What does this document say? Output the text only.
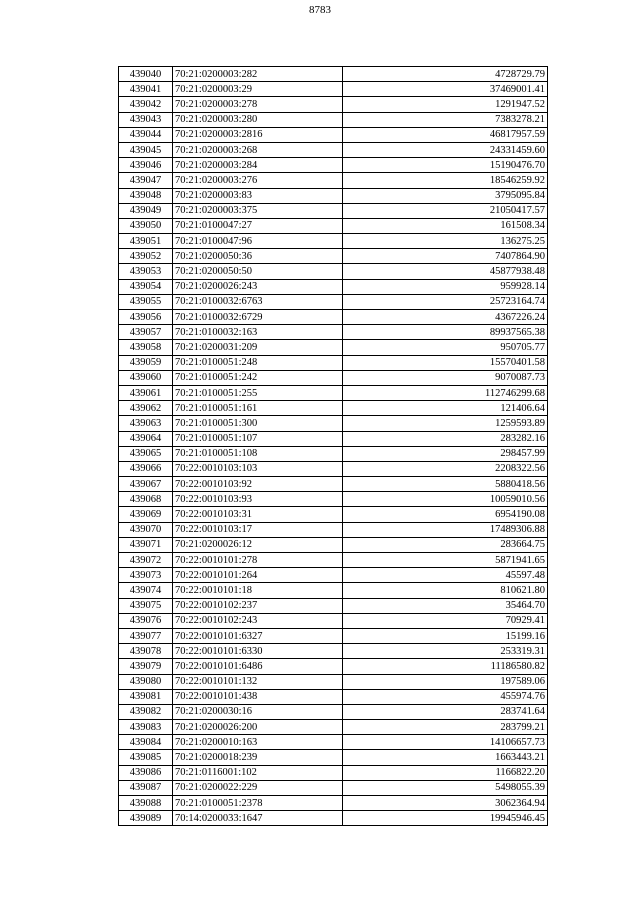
8783
439040	70:21:0200003:282	4728729.79
439041	70:21:0200003:29	37469001.41
439042	70:21:0200003:278	1291947.52
439043	70:21:0200003:280	7383278.21
439044	70:21:0200003:2816	46817957.59
439045	70:21:0200003:268	24331459.60
439046	70:21:0200003:284	15190476.70
439047	70:21:0200003:276	18546259.92
439048	70:21:0200003:83	3795095.84
439049	70:21:0200003:375	21050417.57
439050	70:21:0100047:27	161508.34
439051	70:21:0100047:96	136275.25
439052	70:21:0200050:36	7407864.90
439053	70:21:0200050:50	45877938.48
439054	70:21:0200026:243	959928.14
439055	70:21:0100032:6763	25723164.74
439056	70:21:0100032:6729	4367226.24
439057	70:21:0100032:163	89937565.38
439058	70:21:0200031:209	950705.77
439059	70:21:0100051:248	15570401.58
439060	70:21:0100051:242	9070087.73
439061	70:21:0100051:255	112746299.68
439062	70:21:0100051:161	121406.64
439063	70:21:0100051:300	1259593.89
439064	70:21:0100051:107	283282.16
439065	70:21:0100051:108	298457.99
439066	70:22:0010103:103	2208322.56
439067	70:22:0010103:92	5880418.56
439068	70:22:0010103:93	10059010.56
439069	70:22:0010103:31	6954190.08
439070	70:22:0010103:17	17489306.88
439071	70:21:0200026:12	283664.75
439072	70:22:0010101:278	5871941.65
439073	70:22:0010101:264	45597.48
439074	70:22:0010101:18	810621.80
439075	70:22:0010102:237	35464.70
439076	70:22:0010102:243	70929.41
439077	70:22:0010101:6327	15199.16
439078	70:22:0010101:6330	253319.31
439079	70:22:0010101:6486	11186580.82
439080	70:22:0010101:132	197589.06
439081	70:22:0010101:438	455974.76
439082	70:21:0200030:16	283741.64
439083	70:21:0200026:200	283799.21
439084	70:21:0200010:163	14106657.73
439085	70:21:0200018:239	1663443.21
439086	70:21:0116001:102	1166822.20
439087	70:21:0200022:229	5498055.39
439088	70:21:0100051:2378	3062364.94
439089	70:14:0200033:1647	19945946.45
